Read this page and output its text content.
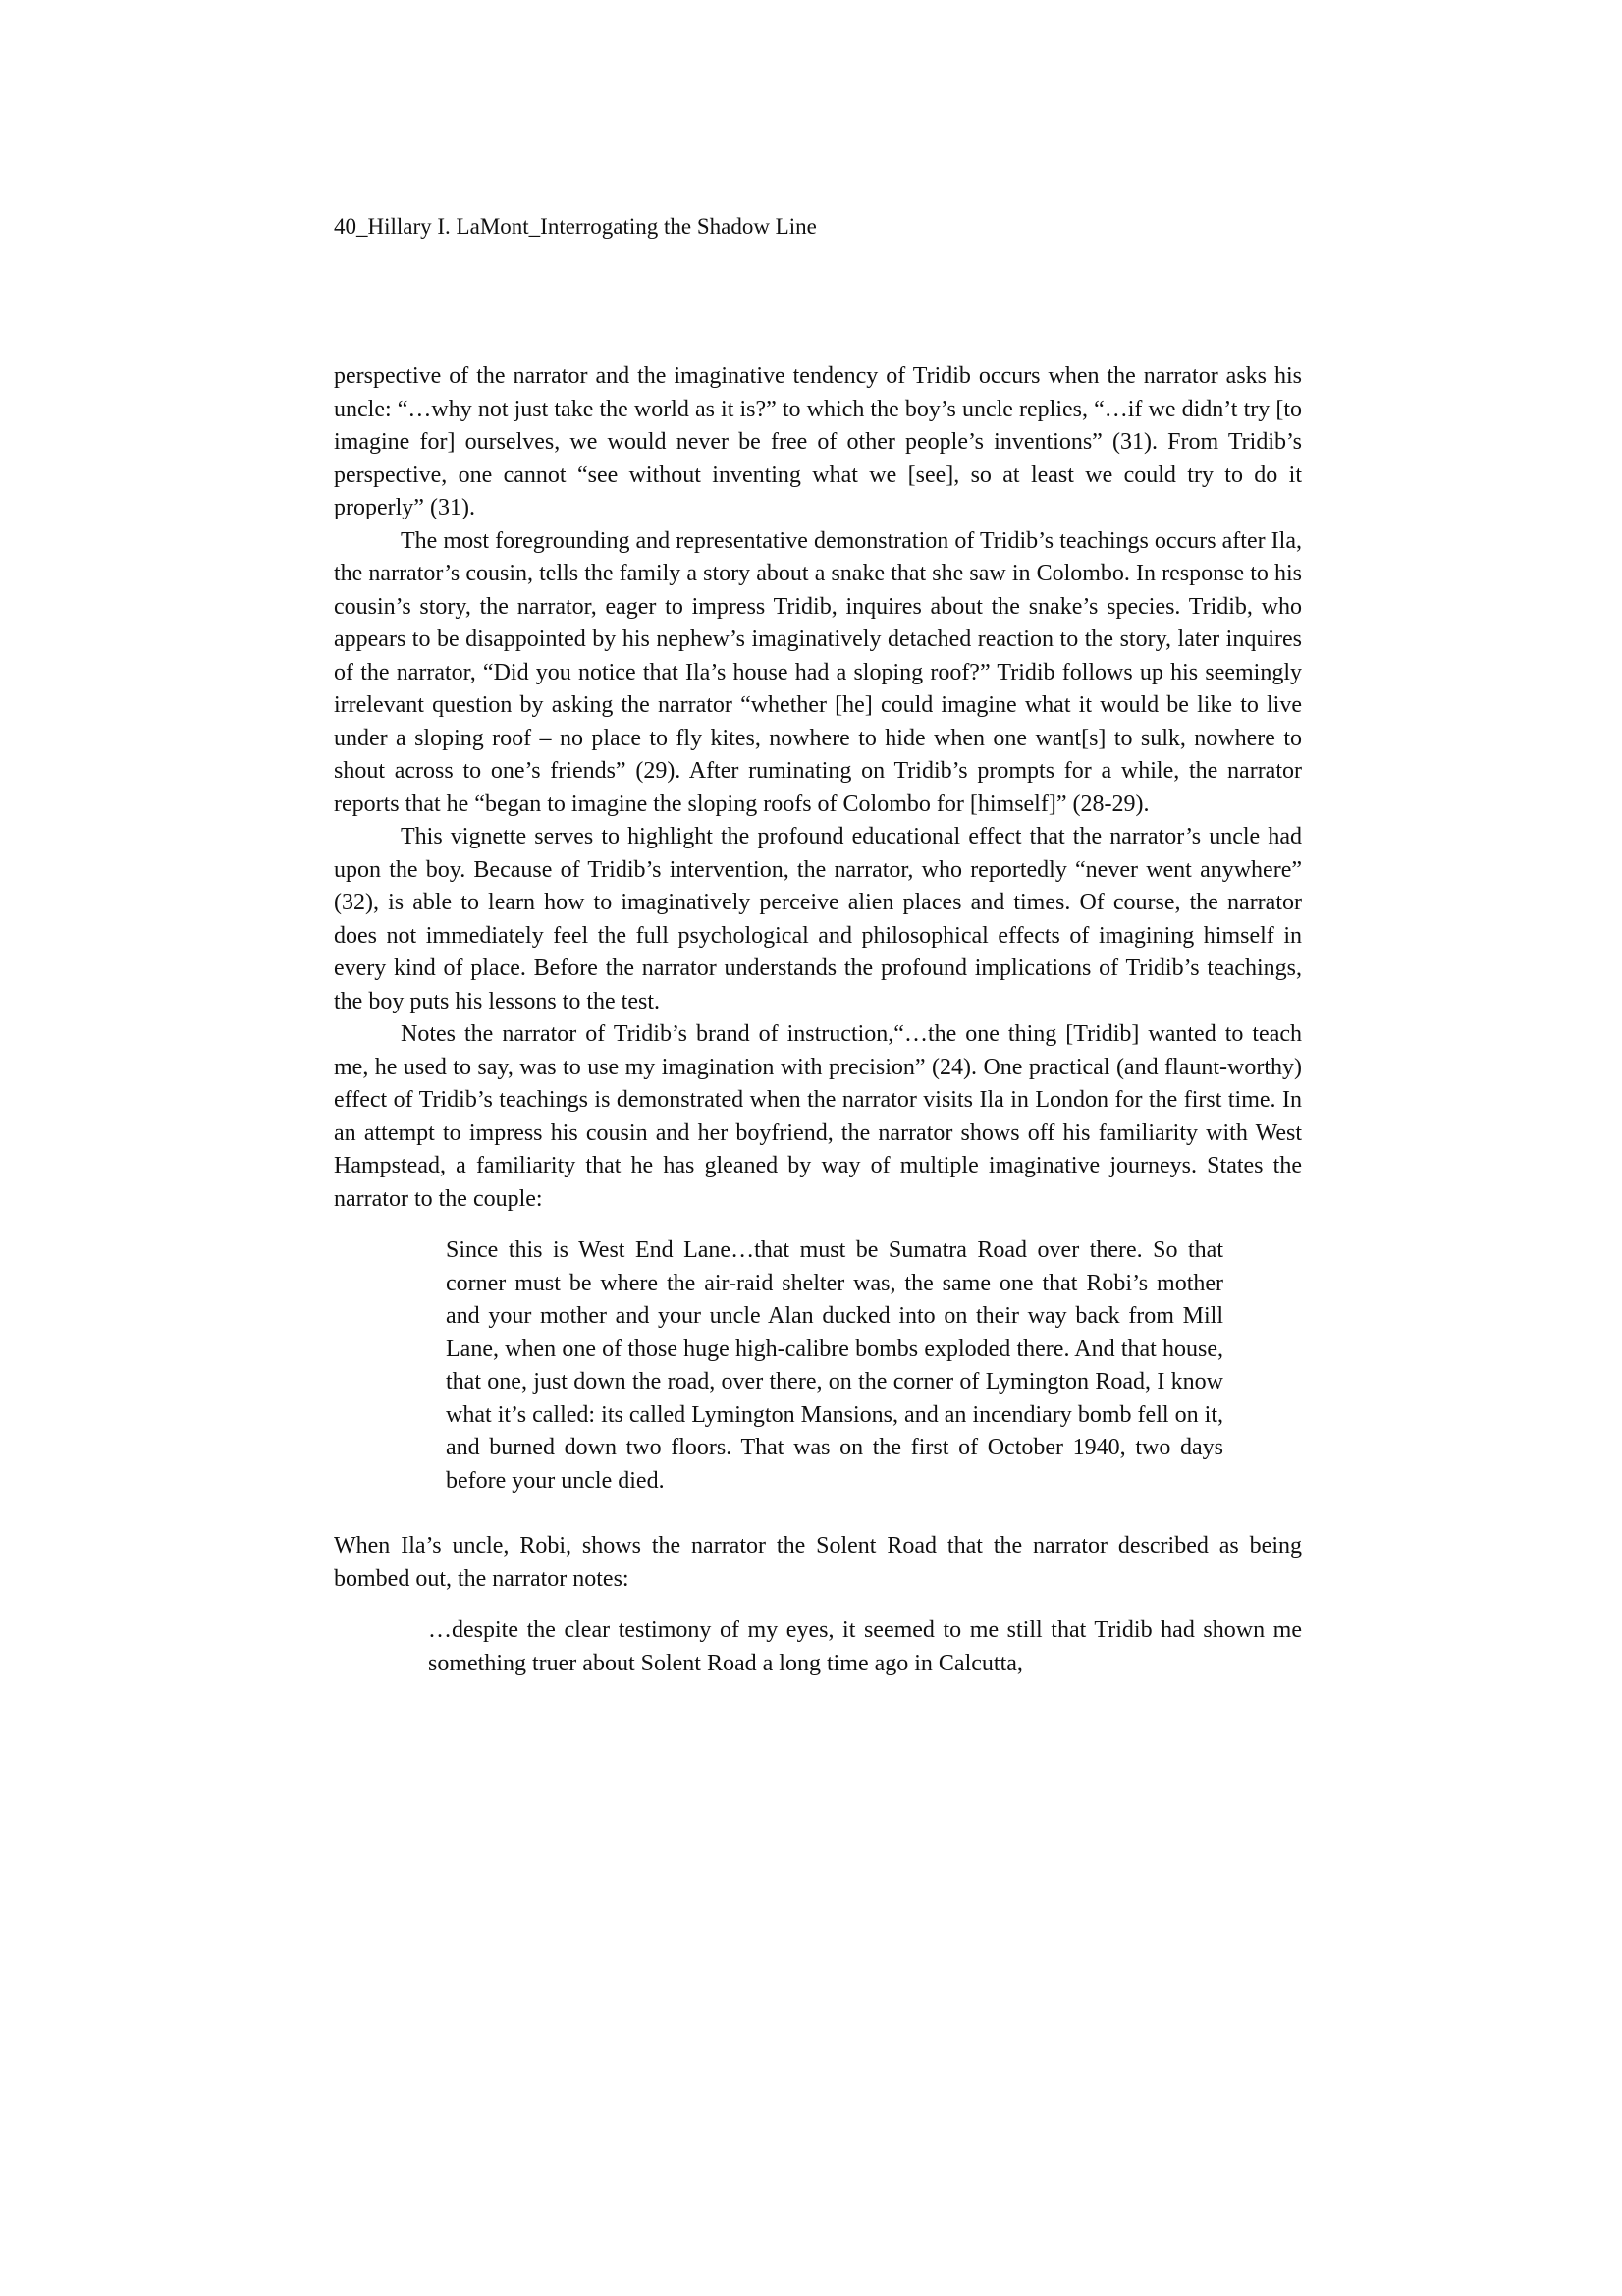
40_Hillary I. LaMont_Interrogating the Shadow Line

perspective of the narrator and the imaginative tendency of Tridib occurs when the narrator asks his uncle: “…why not just take the world as it is?” to which the boy’s uncle replies, “…if we didn’t try [to imagine for] ourselves, we would never be free of other people’s inventions” (31). From Tridib’s perspective, one cannot “see without inventing what we [see], so at least we could try to do it properly” (31).

The most foregrounding and representative demonstration of Tridib’s teachings occurs after Ila, the narrator’s cousin, tells the family a story about a snake that she saw in Colombo. In response to his cousin’s story, the narrator, eager to impress Tridib, inquires about the snake’s species. Tridib, who appears to be disappointed by his nephew’s imaginatively detached reaction to the story, later inquires of the narrator, “Did you notice that Ila’s house had a sloping roof?” Tridib follows up his seemingly irrelevant question by asking the narrator “whether [he] could imagine what it would be like to live under a sloping roof – no place to fly kites, nowhere to hide when one want[s] to sulk, nowhere to shout across to one’s friends” (29). After ruminating on Tridib’s prompts for a while, the narrator reports that he “began to imagine the sloping roofs of Colombo for [himself]” (28-29).

This vignette serves to highlight the profound educational effect that the narrator’s uncle had upon the boy. Because of Tridib’s intervention, the narrator, who reportedly “never went anywhere” (32), is able to learn how to imaginatively perceive alien places and times. Of course, the narrator does not immediately feel the full psychological and philosophical effects of imagining himself in every kind of place. Before the narrator understands the profound implications of Tridib’s teachings, the boy puts his lessons to the test.

Notes the narrator of Tridib’s brand of instruction,“…the one thing [Tridib] wanted to teach me, he used to say, was to use my imagination with precision” (24). One practical (and flaunt-worthy) effect of Tridib’s teachings is demonstrated when the narrator visits Ila in London for the first time. In an attempt to impress his cousin and her boyfriend, the narrator shows off his familiarity with West Hampstead, a familiarity that he has gleaned by way of multiple imaginative journeys. States the narrator to the couple:

Since this is West End Lane…that must be Sumatra Road over there. So that corner must be where the air-raid shelter was, the same one that Robi’s mother and your mother and your uncle Alan ducked into on their way back from Mill Lane, when one of those huge high-calibre bombs exploded there. And that house, that one, just down the road, over there, on the corner of Lymington Road, I know what it’s called: its called Lymington Mansions, and an incendiary bomb fell on it, and burned down two floors. That was on the first of October 1940, two days before your uncle died.

When Ila’s uncle, Robi, shows the narrator the Solent Road that the narrator described as being bombed out, the narrator notes:

…despite the clear testimony of my eyes, it seemed to me still that Tridib had shown me something truer about Solent Road a long time ago in Calcutta,
